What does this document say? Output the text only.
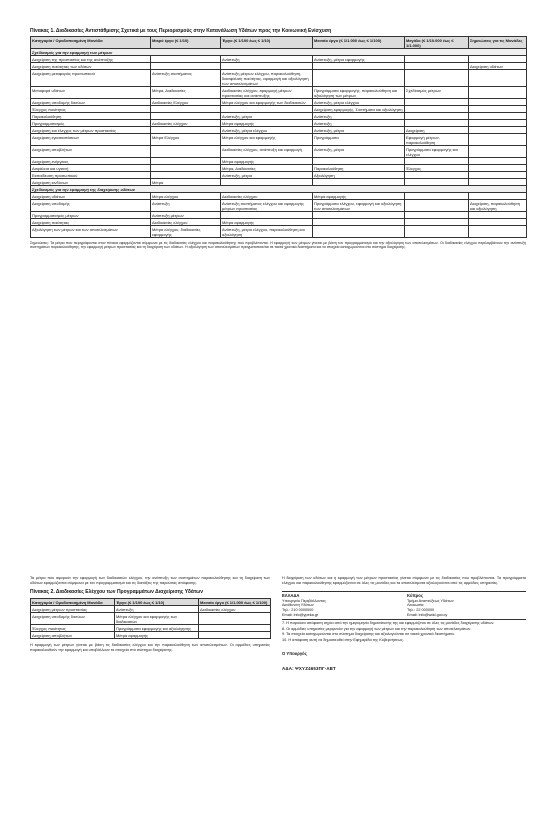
Πίνακας 1. Διαδικασίες Αντιστάθμισης Σχετικά με τους Περιορισμούς στην Κατανάλωση Υδάτων προς την Κοινωνική Ενίσχυση
Κατηγορία / Ομαδοποιημένη Μονάδα	Μικρό έργο (≤ 1/10)	Έργο (≤ 1/100 έως ≤ 1/10)	Μεσαίο έργο (≤ 1/1.000 έως ≤ 1/100)	Μεγάλο (≤ 1/10.000 έως ≤ 1/1.000)	Σημειώσεις για τις Μονάδες
Σχεδίασμός για την εφαρμογή των μέτρων					
Διαχείριση της προστασίας και της ανάπτυξης		Ανάπτυξη	Ανάπτυξη, μέτρα εφαρμογής		
Διαχείριση ποιότητας των υδάτων					Διαχείριση υδάτων
Διαχείριση μεταφοράς προσωπικού	Ανάπτυξη συστήματος	Ανάπτυξη μέτρων ελέγχου, παρακολούθηση, διασφάλιση ποιότητας, εφαρμογή και αξιολόγηση των αποτελεσμάτων			
Μεταφορά υδάτων	Μέτρα, Διαδικασίες	Διαδικασίες ελέγχου, εφαρμογή μέτρων προστασίας και ανάπτυξης	Προγράμματα εφαρμογής, παρακολούθηση και αξιολόγηση των μέτρων	Σχεδίασμός μέτρων	
Διαχείριση υποδομής δικτύων	Διαδικασίες Ελέγχου	Μέτρα ελέγχου και εφαρμογής των διαδικασιών	Ανάπτυξη, μέτρα ελέγχου		
Έλεγχος ποιότητας			Διαχείριση εφαρμογής, Συστήματα και αξιολόγηση		
Παρακολούθηση		Ανάπτυξη, μέτρα	Ανάπτυξη		
Προγραμματισμός	Διαδικασίες ελέγχου	Μέτρα εφαρμογής	Ανάπτυξη		
Διαχείριση και έλεγχος των μέτρων προστασίας		Ανάπτυξη, μέτρα ελέγχου	Ανάπτυξη, μέτρα	Διαχείριση	
Διαχείριση εγκαταστάσεων	Μέτρα Ελέγχου	Μέτρα ελέγχου και εφαρμογής	Προγράμματα	Εφαρμογή μέτρων, παρακολούθηση	
Διαχείριση αποβλήτων		Διαδικασίες ελέγχου, ανάπτυξη και εφαρμογή	Ανάπτυξη, μέτρα	Προγράμματα εφαρμογής και ελέγχου	
Διαχείριση ενέργειας		Μέτρα εφαρμογής			
Ασφάλεια και υγιεινή		Μέτρα, Διαδικασίες	Παρακολούθηση	Έλεγχος	
Εκπαίδευση προσωπικού		Ανάπτυξη, μέτρα	Αξιολόγηση		
Διαχείριση κινδύνων	Μέτρα				
Σχεδίασμός για την εφαρμογή της διαχείρισης υδάτων					
Διαχείριση υδάτων	Μέτρα ελέγχου	Διαδικασίες ελέγχου	Μέτρα εφαρμογής		
Διαχείριση υποδομής	Ανάπτυξη	Ανάπτυξη συστήματος ελέγχου και εφαρμογής μέτρων προστασίας	Προγράμματα ελέγχου, εφαρμογή και αξιολόγηση των αποτελεσμάτων		Διαχείριση, παρακολούθηση και αξιολόγηση
Προγραμματισμός μέτρων	Ανάπτυξη μέτρων				
Διαχείριση ποιότητας	Διαδικασίες ελέγχου	Μέτρα εφαρμογής			
Αξιολόγηση των μέτρων και των αποτελεσμάτων	Μέτρα ελέγχου, διαδικασίες εφαρμογής	Ανάπτυξη, μέτρα ελέγχου, παρακολούθηση και αξιολόγηση			
Σημειώσεις: Τα μέτρα που περιγράφονται στον πίνακα εφαρμόζονται σύμφωνα με τις διαδικασίες ελέγχου και παρακολούθησης που προβλέπονται. Η εφαρμογή των μέτρων γίνεται με βάση τον προγραμματισμό και την αξιολόγηση των αποτελεσμάτων. Οι διαδικασίες ελέγχου περιλαμβάνουν την ανάπτυξη συστημάτων παρακολούθησης, την εφαρμογή μέτρων προστασίας και τη διαχείριση των υδάτων. Η αξιολόγηση των αποτελεσμάτων πραγματοποιείται σε τακτά χρονικά διαστήματα και τα στοιχεία καταχωρούνται στο σύστημα διαχείρισης.
Τα μέτρα που αφορούν την εφαρμογή των διαδικασιών ελέγχου, την ανάπτυξη των συστημάτων παρακολούθησης και τη διαχείριση των υδάτων εφαρμόζονται σύμφωνα με τον προγραμματισμό και τις διατάξεις της παρούσας απόφασης.
Πίνακας 2. Διαδικασίες Ελέγχου των Προγραμμάτων Διαχείρισης Υδάτων
Κατηγορία / Ομαδοποιημένη Μονάδα	Έργο (≤ 1/100 έως ≤ 1/10)	Μεσαίο έργο (≤ 1/1.000 έως ≤ 1/100)
Διαχείριση μέτρων προστασίας	Ανάπτυξη	Διαδικασίες ελέγχου
Διαχείριση υποδομής δικτύων	Μέτρα ελέγχου και εφαρμογής των διαδικασιών	
Έλεγχος ποιότητας	Προγράμματα εφαρμογής και αξιολόγησης	
Διαχείριση αποβλήτων	Μέτρα εφαρμογής	
Η εφαρμογή των μέτρων γίνεται με βάση τις διαδικασίες ελέγχου και την παρακολούθηση των αποτελεσμάτων. Οι αρμόδιες υπηρεσίες παρακολουθούν την εφαρμογή και υποβάλλουν τα στοιχεία στο σύστημα διαχείρισης.
Η διαχείριση των υδάτων και η εφαρμογή των μέτρων προστασίας γίνεται σύμφωνα με τις διαδικασίες που προβλέπονται. Τα προγράμματα ελέγχου και παρακολούθησης εφαρμόζονται σε όλες τις μονάδες και τα αποτελέσματα αξιολογούνται από τις αρμόδιες υπηρεσίες.
ΕΛΛΑΔΑ
Υπουργείο Περιβάλλοντος
Διεύθυνση Υδάτων
Τηλ.: 210 0000000
Email: info@ypeka.gr
Κύπρος
Τμήμα Αναπτύξεως Υδάτων
Λευκωσία
Τηλ.: 22 000000
Email: info@wdd.gov.cy
7. Η παρούσα απόφαση ισχύει από την ημερομηνία δημοσίευσής της και εφαρμόζεται σε όλες τις μονάδες διαχείρισης υδάτων.
8. Οι αρμόδιες υπηρεσίες μεριμνούν για την εφαρμογή των μέτρων και την παρακολούθηση των αποτελεσμάτων.
9. Τα στοιχεία καταχωρούνται στο σύστημα διαχείρισης και αξιολογούνται σε τακτά χρονικά διαστήματα.
10. Η απόφαση αυτή να δημοσιευθεί στην Εφημερίδα της Κυβερνήσεως.
Ο Υπουργός
ΑΔΑ: ΨΧΥΖ4653ΠΓ-ΛΒΤ
